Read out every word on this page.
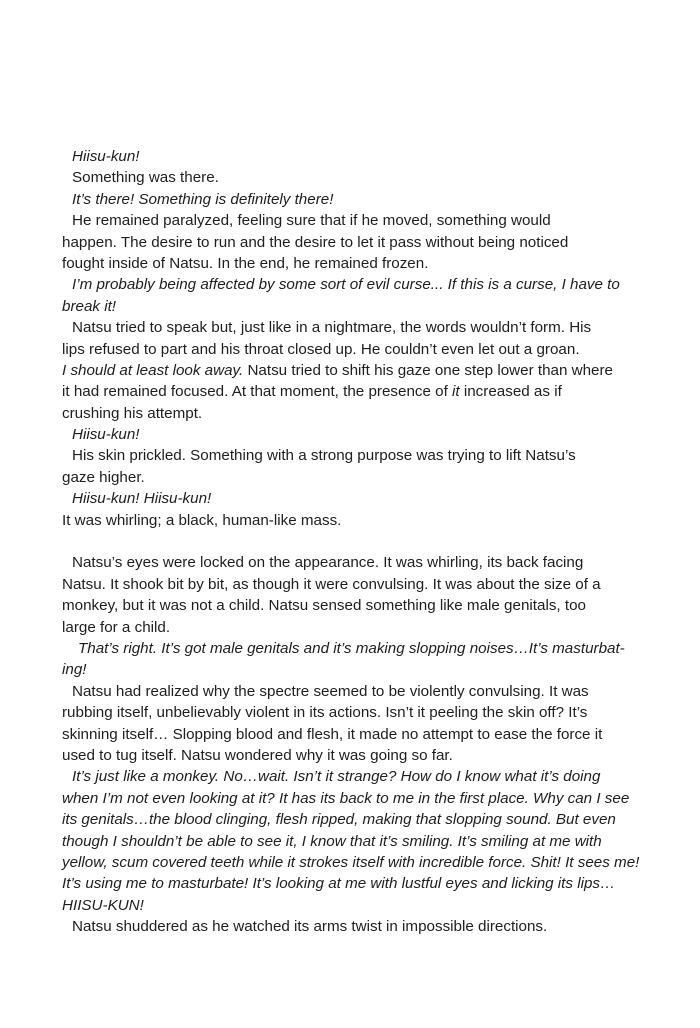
Hiisu-kun!

Something was there.

It’s there! Something is definitely there!

He remained paralyzed, feeling sure that if he moved, something would

happen. The desire to run and the desire to let it pass without being noticed

fought inside of Natsu. In the end, he remained frozen.

I’m probably being affected by some sort of evil curse... If this is a curse, I have to

break it!

Natsu tried to speak but, just like in a nightmare, the words wouldn’t form. His

lips refused to part and his throat closed up. He couldn’t even let out a groan.

I should at least look away. Natsu tried to shift his gaze one step lower than where

it had remained focused. At that moment, the presence of it increased as if

crushing his attempt.

Hiisu-kun!

His skin prickled. Something with a strong purpose was trying to lift Natsu’s

gaze higher.

Hiisu-kun! Hiisu-kun!

It was whirling; a black, human-like mass.

Natsu’s eyes were locked on the appearance. It was whirling, its back facing

Natsu. It shook bit by bit, as though it were convulsing. It was about the size of a

monkey, but it was not a child. Natsu sensed something like male genitals, too

large for a child.

That’s right. It’s got male genitals and it’s making slopping noises…It’s masturbat-

ing!

Natsu had realized why the spectre seemed to be violently convulsing. It was

rubbing itself, unbelievably violent in its actions. Isn’t it peeling the skin off? It’s

skinning itself… Slopping blood and flesh, it made no attempt to ease the force it

used to tug itself. Natsu wondered why it was going so far.

It’s just like a monkey. No…wait. Isn’t it strange? How do I know what it’s doing

when I’m not even looking at it? It has its back to me in the first place. Why can I see

its genitals…the blood clinging, flesh ripped, making that slopping sound. But even

though I shouldn’t be able to see it, I know that it’s smiling. It’s smiling at me with

yellow, scum covered teeth while it strokes itself with incredible force. Shit! It sees me!

It’s using me to masturbate! It’s looking at me with lustful eyes and licking its lips…

HIISU-KUN!

Natsu shuddered as he watched its arms twist in impossible directions.
